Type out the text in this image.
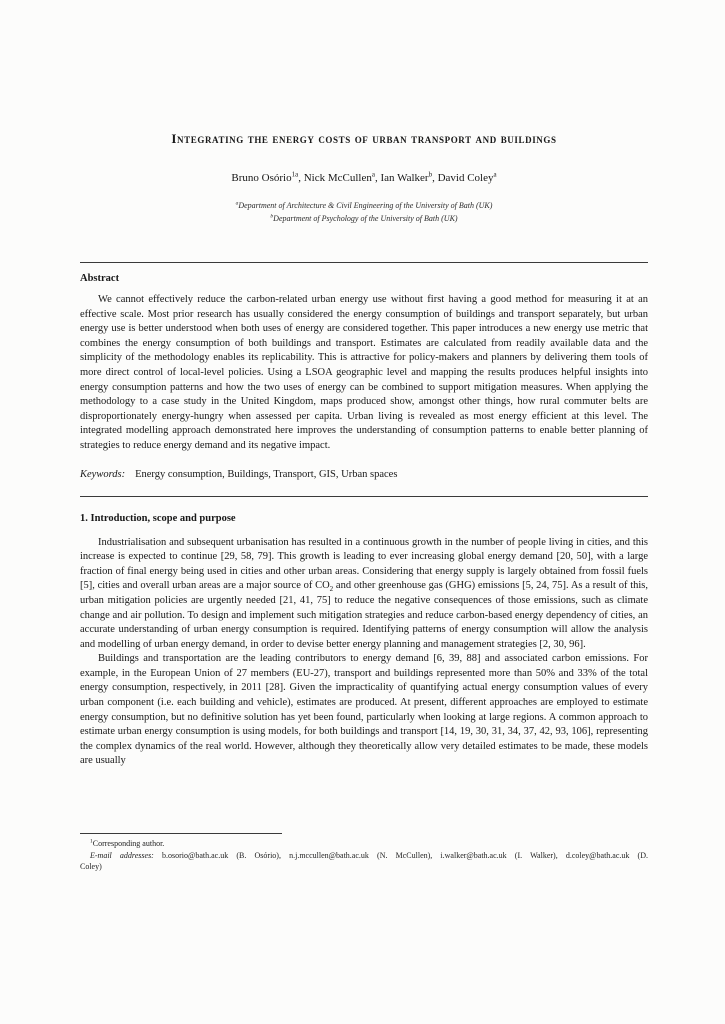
Integrating the energy costs of urban transport and buildings
Bruno Osório$^{1a}$, Nick McCullen$^a$, Ian Walker$^b$, David Coley$^a$
$^a$Department of Architecture & Civil Engineering of the University of Bath (UK)
$^b$Department of Psychology of the University of Bath (UK)
Abstract
We cannot effectively reduce the carbon-related urban energy use without first having a good method for measuring it at an effective scale. Most prior research has usually considered the energy consumption of buildings and transport separately, but urban energy use is better understood when both uses of energy are considered together. This paper introduces a new energy use metric that combines the energy consumption of both buildings and transport. Estimates are calculated from readily available data and the simplicity of the methodology enables its replicability. This is attractive for policy-makers and planners by delivering them tools of more direct control of local-level policies. Using a LSOA geographic level and mapping the results produces helpful insights into energy consumption patterns and how the two uses of energy can be combined to support mitigation measures. When applying the methodology to a case study in the United Kingdom, maps produced show, amongst other things, how rural commuter belts are disproportionately energy-hungry when assessed per capita. Urban living is revealed as most energy efficient at this level. The integrated modelling approach demonstrated here improves the understanding of consumption patterns to enable better planning of strategies to reduce energy demand and its negative impact.
Keywords: Energy consumption, Buildings, Transport, GIS, Urban spaces
1. Introduction, scope and purpose

Industrialisation and subsequent urbanisation has resulted in a continuous growth in the number of people living in cities, and this increase is expected to continue [29, 58, 79]. This growth is leading to ever increasing global energy demand [20, 50], with a large fraction of final energy being used in cities and other urban areas. Considering that energy supply is largely obtained from fossil fuels [5], cities and overall urban areas are a major source of $CO_2$ and other greenhouse gas (GHG) emissions [5, 24, 75]. As a result of this, urban mitigation policies are urgently needed [21, 41, 75] to reduce the negative consequences of those emissions, such as climate change and air pollution. To design and implement such mitigation strategies and reduce carbon-based energy dependency of cities, an accurate understanding of urban energy consumption is required. Identifying patterns of energy consumption will allow the analysis and modelling of urban energy demand, in order to devise better energy planning and management strategies [2, 30, 96].

Buildings and transportation are the leading contributors to energy demand [6, 39, 88] and associated carbon emissions. For example, in the European Union of 27 members (EU-27), transport and buildings represented more than 50% and 33% of the total energy consumption, respectively, in 2011 [28]. Given the impracticality of quantifying actual energy consumption values of every urban component (i.e. each building and vehicle), estimates are produced. At present, different approaches are employed to estimate energy consumption, but no definitive solution has yet been found, particularly when looking at large regions. A common approach to estimate urban energy consumption is using models, for both buildings and transport [14, 19, 30, 31, 34, 37, 42, 93, 106], representing the complex dynamics of the real world. However, although they theoretically allow very detailed estimates to be made, these models are usually

$^1$Corresponding author.

E-mail addresses: b.osorio@bath.ac.uk (B. Osório), n.j.mccullen@bath.ac.uk (N. McCullen), i.walker@bath.ac.uk (I. Walker), d.coley@bath.ac.uk (D. Coley)
